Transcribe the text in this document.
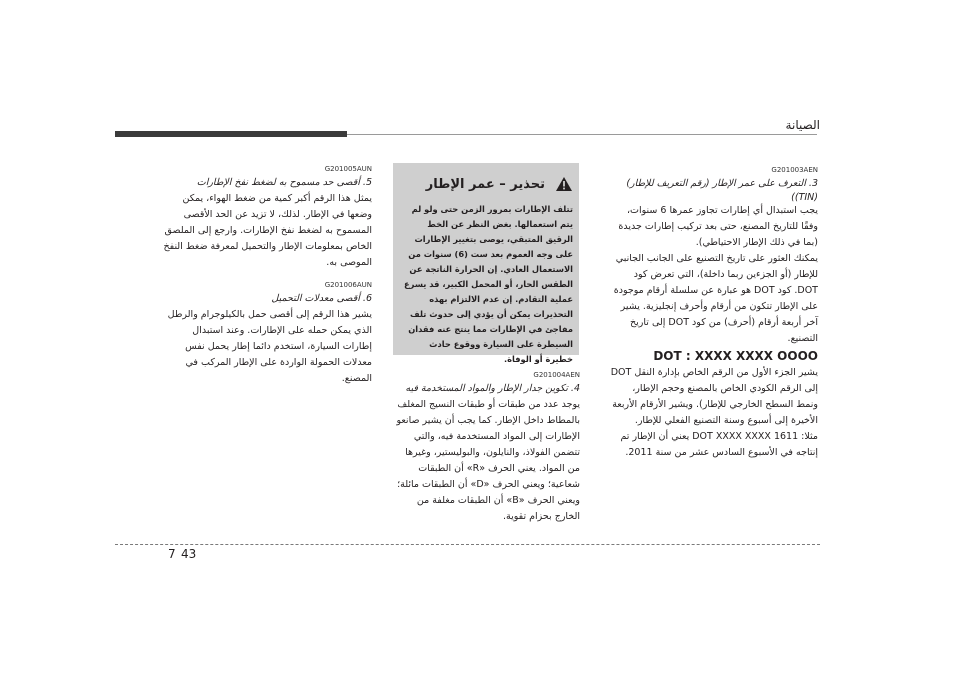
الصيانة
G201003AEN
3. التعرف على عمر الإطار (رقم التعريف للإطار)
((TIN)
يجب استبدال أي إطارات تجاوز عمرها 6 سنوات، وفقًا للتاريخ المصنع، حتى بعد تركيب إطارات جديدة (بما في ذلك الإطار الاحتياطي).
يمكنك العثور على تاريخ التصنيع على الجانب الجانبي للإطار (أو الجزءين ربما داخلة)، التي تعرض كود DOT. كود DOT هو عبارة عن سلسلة أرقام موجودة على الإطار تتكون من أرقام وأحرف إنجليزية. يشير آخر أربعة أرقام (أحرف) من كود DOT إلى تاريخ التصنيع.
DOT : XXXX XXXX OOOO
يشير الجزء الأول من الرقم الخاص بإدارة النقل DOT إلى الرقم الكودي الخاص بالمصنع وحجم الإطار، ونمط السطح الخارجي للإطار). ويشير الأرقام الأربعة الأخيرة إلى أسبوع وسنة التصنيع الفعلي للإطار.
مثلا: DOT XXXX XXXX 1611 يعني أن الإطار تم إنتاجه في الأسبوع السادس عشر من سنة 2011.
تحذير – عمر الإطار
تتلف الإطارات بمرور الزمن حتى ولو لم يتم استعمالها. بغض النظر عن الخط الرقيق المتبقي، يوصى بتغيير الإطارات على وجه العموم بعد ست (6) سنوات من الاستعمال العادي. إن الحرارة الناتجة عن الطقس الحار، أو المحمل الكبير، قد يسرع عملية التقادم. إن عدم الالتزام بهذه التحذيرات يمكن أن يؤدي إلى حدوث تلف مفاجئ في الإطارات مما ينتج عنه فقدان السيطرة على السيارة ووقوع حادث خطيرة أو الوفاة.
G201004AEN
4. تكوين جدار الإطار والمواد المستخدمة فيه
يوجد عدد من طبقات أو طبقات النسيج المغلف بالمطاط داخل الإطار. كما يجب أن يشير صانعو الإطارات إلى المواد المستخدمة فيه، والتي تتضمن الفولاذ، والنايلون، والبوليستير، وغيرها من المواد. يعني الحرف «R» أن الطبقات شعاعية؛ ويعني الحرف «D» أن الطبقات مائلة؛ ويعني الحرف «B» أن الطبقات مغلفة من الخارج بحزام تقوية.
G201005AUN
5. أقصى حد مسموح به لضغط نفخ الإطارات
يمثل هذا الرقم أكبر كمية من ضغط الهواء، يمكن وضعها في الإطار. لذلك، لا تزيد عن الحد الأقصى المسموح به لضغط نفخ الإطارات. وارجع إلى الملصق الخاص بمعلومات الإطار والتحميل لمعرفة ضغط النفخ الموصى به.
G201006AUN
6. أقصى معدلات التحميل
يشير هذا الرقم إلى أقصى حمل بالكيلوجرام والرطل الذي يمكن حمله على الإطارات. وعند استبدال إطارات السيارة، استخدم دائما إطار يحمل نفس معدلات الحمولة الواردة على الإطار المركب في المصنع.
7 43
